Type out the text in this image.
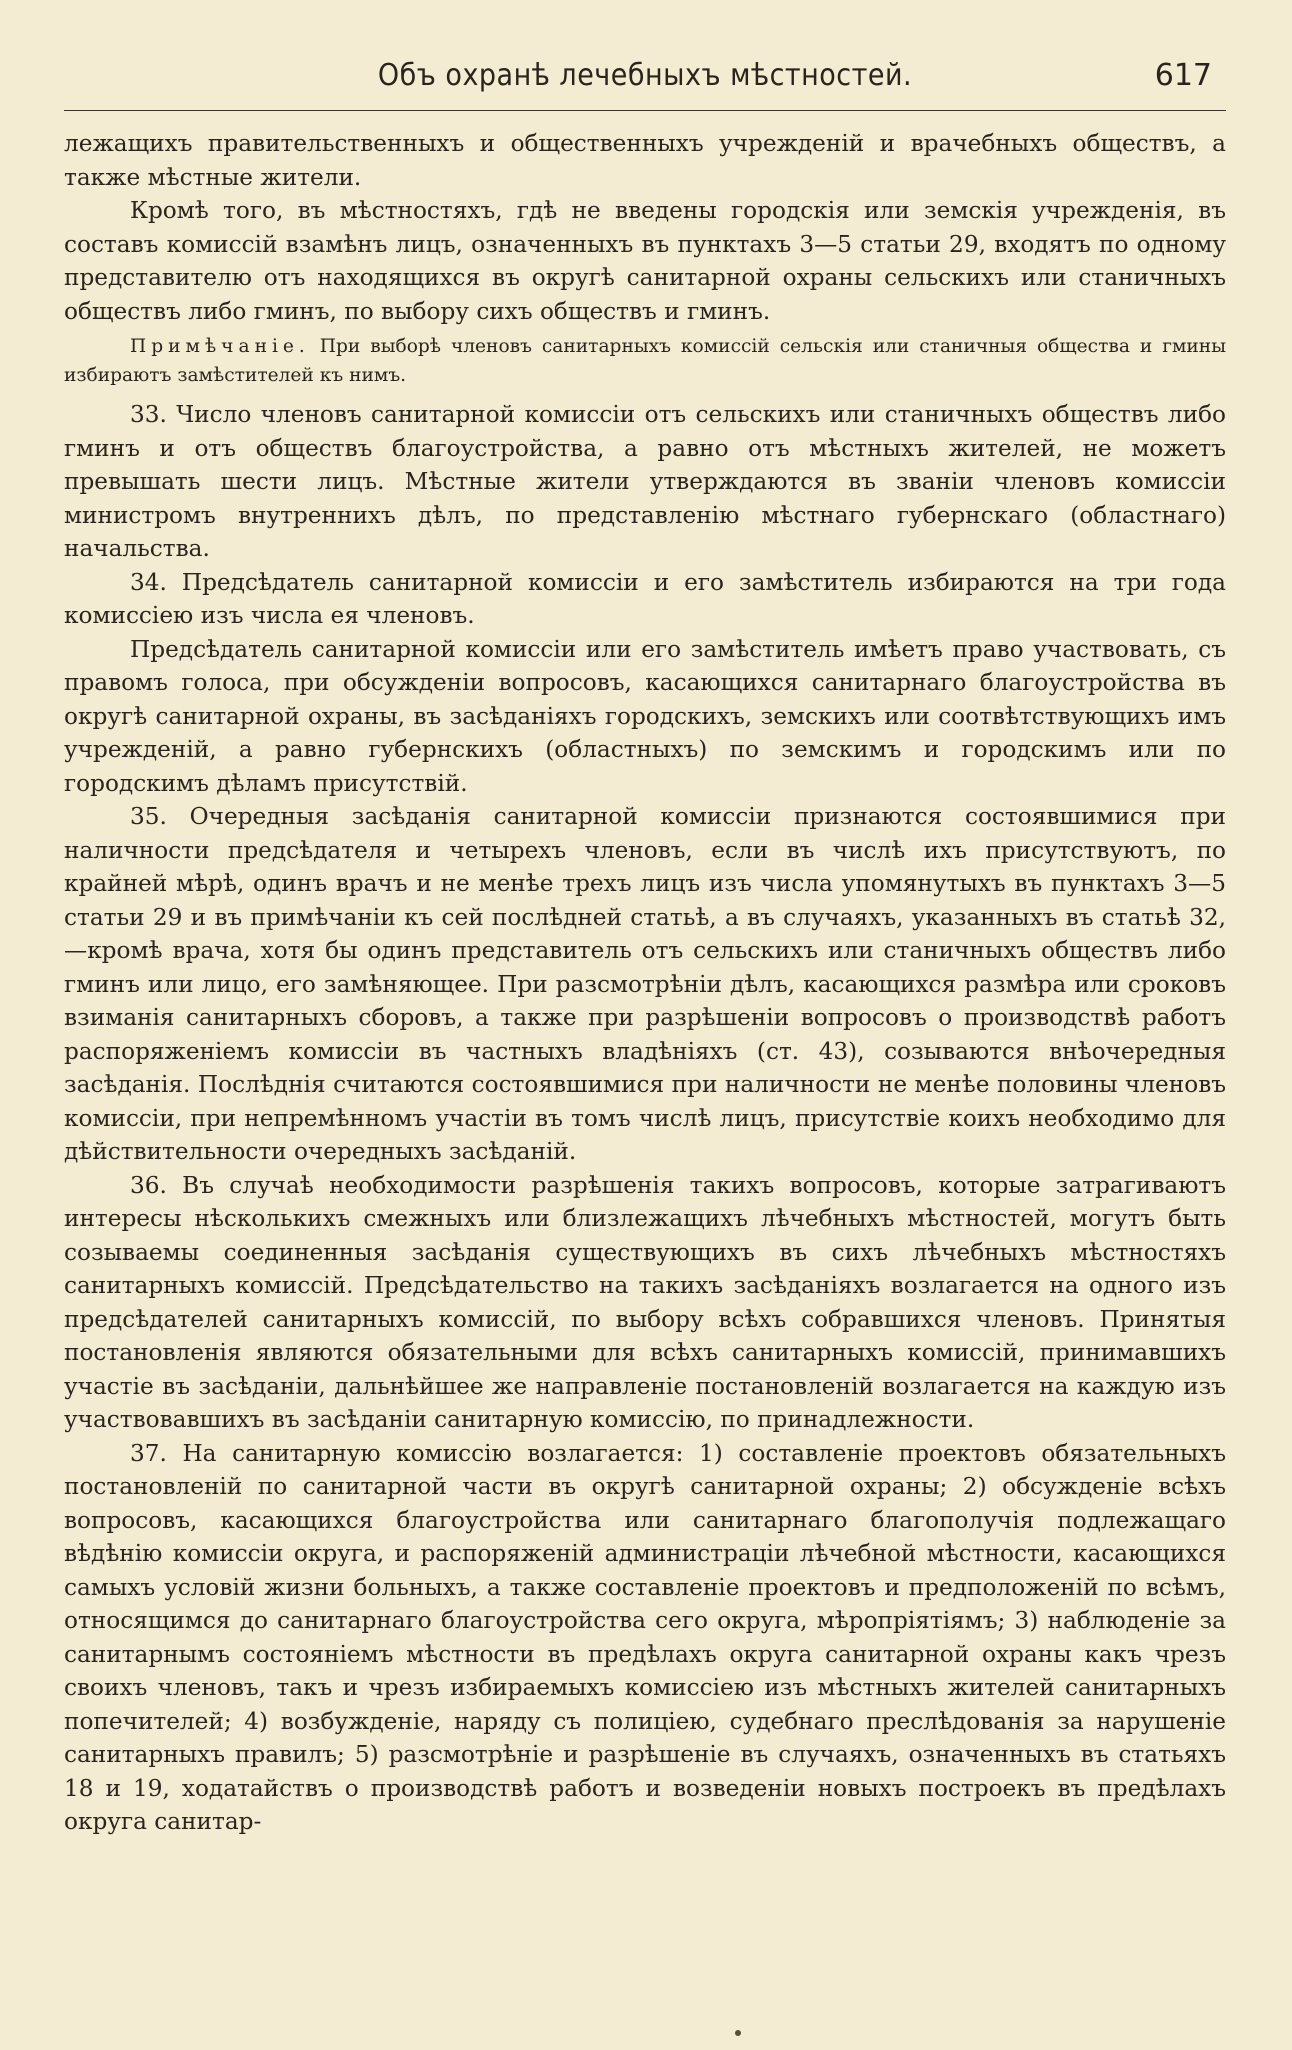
Объ охранѣ лечебныхъ мѣстностей.	617

лежащихъ правительственныхъ и общественныхъ учрежденій и врачебныхъ обществъ, а также мѣстные жители.

Кромѣ того, въ мѣстностяхъ, гдѣ не введены городскія или земскія учрежденія, въ составъ комиссій взамѣнъ лицъ, означенныхъ въ пунктахъ 3—5 статьи 29, входятъ по одному представителю отъ находящихся въ округѣ санитарной охраны сельскихъ или станичныхъ обществъ либо гминъ, по выбору сихъ обществъ и гминъ.

Примѣчаніе. При выборѣ членовъ санитарныхъ комиссій сельскія или станичныя общества и гмины избираютъ замѣстителей къ нимъ.

33. Число членовъ санитарной комиссіи отъ сельскихъ или станичныхъ обществъ либо гминъ и отъ обществъ благоустройства, а равно отъ мѣстныхъ жителей, не можетъ превышать шести лицъ. Мѣстные жители утверждаются въ званіи членовъ комиссіи министромъ внутреннихъ дѣлъ, по представленію мѣстнаго губернскаго (областнаго) начальства.

34. Предсѣдатель санитарной комиссіи и его замѣститель избираются на три года комиссіею изъ числа ея членовъ.

Предсѣдатель санитарной комиссіи или его замѣститель имѣетъ право участвовать, съ правомъ голоса, при обсужденіи вопросовъ, касающихся санитарнаго благоустройства въ округѣ санитарной охраны, въ засѣданіяхъ городскихъ, земскихъ или соотвѣтствующихъ имъ учрежденій, а равно губернскихъ (областныхъ) по земскимъ и городскимъ или по городскимъ дѣламъ присутствій.

35. Очередныя засѣданія санитарной комиссіи признаются состоявшимися при наличности предсѣдателя и четырехъ членовъ, если въ числѣ ихъ присутствуютъ, по крайней мѣрѣ, одинъ врачъ и не менѣе трехъ лицъ изъ числа упомянутыхъ въ пунктахъ 3—5 статьи 29 и въ примѣчаніи къ сей послѣдней статьѣ, а въ случаяхъ, указанныхъ въ статьѣ 32,—кромѣ врача, хотя бы одинъ представитель отъ сельскихъ или станичныхъ обществъ либо гминъ или лицо, его замѣняющее. При разсмотрѣніи дѣлъ, касающихся размѣра или сроковъ взиманія санитарныхъ сборовъ, а также при разрѣшеніи вопросовъ о производствѣ работъ распоряженіемъ комиссіи въ частныхъ владѣніяхъ (ст. 43), созываются внѣочередныя засѣданія. Послѣднія считаются состоявшимися при наличности не менѣе половины членовъ комиссіи, при непремѣнномъ участіи въ томъ числѣ лицъ, присутствіе коихъ необходимо для дѣйствительности очередныхъ засѣданій.

36. Въ случаѣ необходимости разрѣшенія такихъ вопросовъ, которые затрагиваютъ интересы нѣсколькихъ смежныхъ или близлежащихъ лѣчебныхъ мѣстностей, могутъ быть созываемы соединенныя засѣданія существующихъ въ сихъ лѣчебныхъ мѣстностяхъ санитарныхъ комиссій. Предсѣдательство на такихъ засѣданіяхъ возлагается на одного изъ предсѣдателей санитарныхъ комиссій, по выбору всѣхъ собравшихся членовъ. Принятыя постановленія являются обязательными для всѣхъ санитарныхъ комиссій, принимавшихъ участіе въ засѣданіи, дальнѣйшее же направленіе постановленій возлагается на каждую изъ участвовавшихъ въ засѣданіи санитарную комиссію, по принадлежности.

37. На санитарную комиссію возлагается: 1) составленіе проектовъ обязательныхъ постановленій по санитарной части въ округѣ санитарной охраны; 2) обсужденіе всѣхъ вопросовъ, касающихся благоустройства или санитарнаго благополучія подлежащаго вѣдѣнію комиссіи округа, и распоряженій администраціи лѣчебной мѣстности, касающихся самыхъ условій жизни больныхъ, а также составленіе проектовъ и предположеній по всѣмъ, относящимся до санитарнаго благоустройства сего округа, мѣропріятіямъ; 3) наблюденіе за санитарнымъ состояніемъ мѣстности въ предѣлахъ округа санитарной охраны какъ чрезъ своихъ членовъ, такъ и чрезъ избираемыхъ комиссіею изъ мѣстныхъ жителей санитарныхъ попечителей; 4) возбужденіе, наряду съ полиціею, судебнаго преслѣдованія за нарушеніе санитарныхъ правилъ; 5) разсмотрѣніе и разрѣшеніе въ случаяхъ, означенныхъ въ статьяхъ 18 и 19, ходатайствъ о производствѣ работъ и возведеніи новыхъ построекъ въ предѣлахъ округа санитар-
